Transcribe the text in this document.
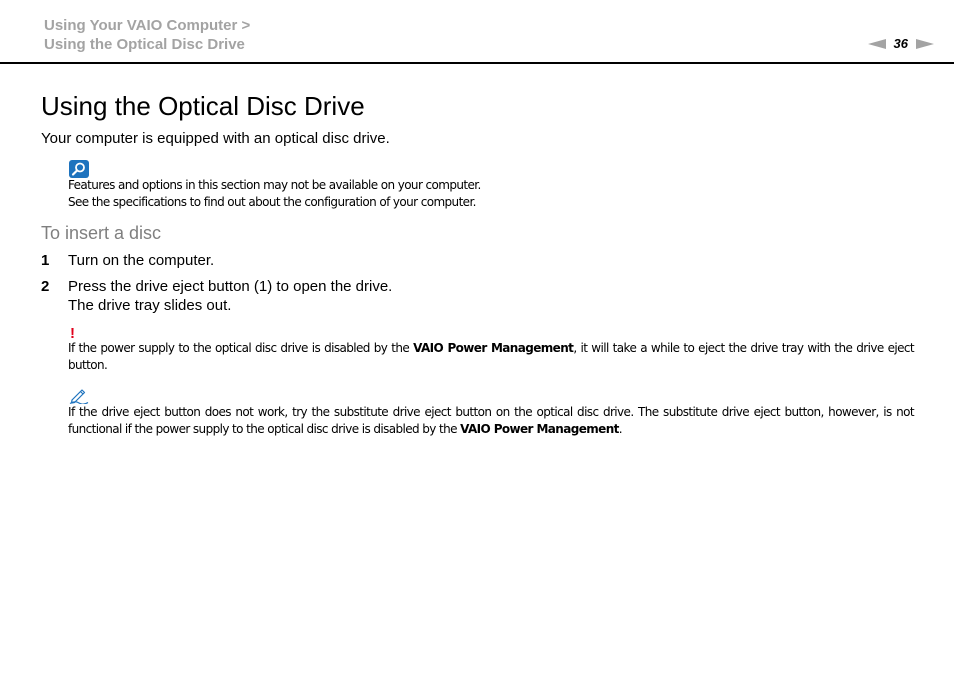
Using Your VAIO Computer >
Using the Optical Disc Drive	36
Using the Optical Disc Drive
Your computer is equipped with an optical disc drive.
Features and options in this section may not be available on your computer.
See the specifications to find out about the configuration of your computer.
To insert a disc
1 Turn on the computer.
2 Press the drive eject button (1) to open the drive.
The drive tray slides out.
!
If the power supply to the optical disc drive is disabled by the VAIO Power Management, it will take a while to eject the drive tray with the drive eject button.
If the drive eject button does not work, try the substitute drive eject button on the optical disc drive. The substitute drive eject button, however, is not functional if the power supply to the optical disc drive is disabled by the VAIO Power Management.
